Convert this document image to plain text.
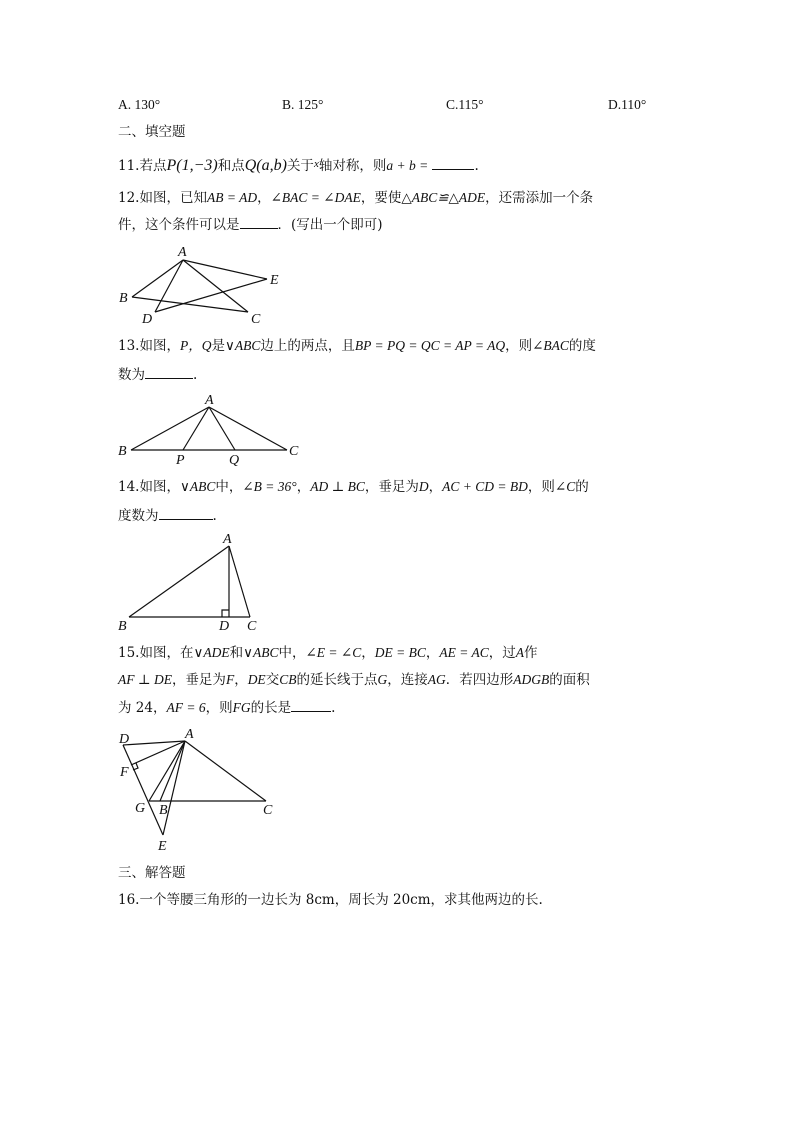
A. 130°	B. 125°	C.115°	D.110°
二、填空题
11.若点P(1,−3)和点Q(a,b)关于$^x$轴对称，则a + b =	.
12.如图，已知AB = AD，∠BAC = ∠DAE，要使△ABC≌△ADE，还需添加一个条
件，这个条件可以是	．(写出一个即可)
A
B
D	C
E
13.如图，P，Q是∨ABC边上的两点，且BP = PQ = QC = AP = AQ，则∠BAC的度
数为	.
A
B	C
P	Q
14.如图，∨ABC中，∠B = 36°，AD ⊥ BC，垂足为D，AC + CD = BD，则∠C的
度数为	.
A
B	D C
15.如图，在∨ADE和∨ABC中，∠E = ∠C，DE = BC，AE = AC，过A作
AF ⊥ DE，垂足为F，DE交CB的延长线于点G，连接AG．若四边形ADGB的面积
为 24，AF = 6，则FG的长是	.
A
D
F
G B	C
E
三、解答题
16.一个等腰三角形的一边长为 8cm，周长为 20cm，求其他两边的长.
